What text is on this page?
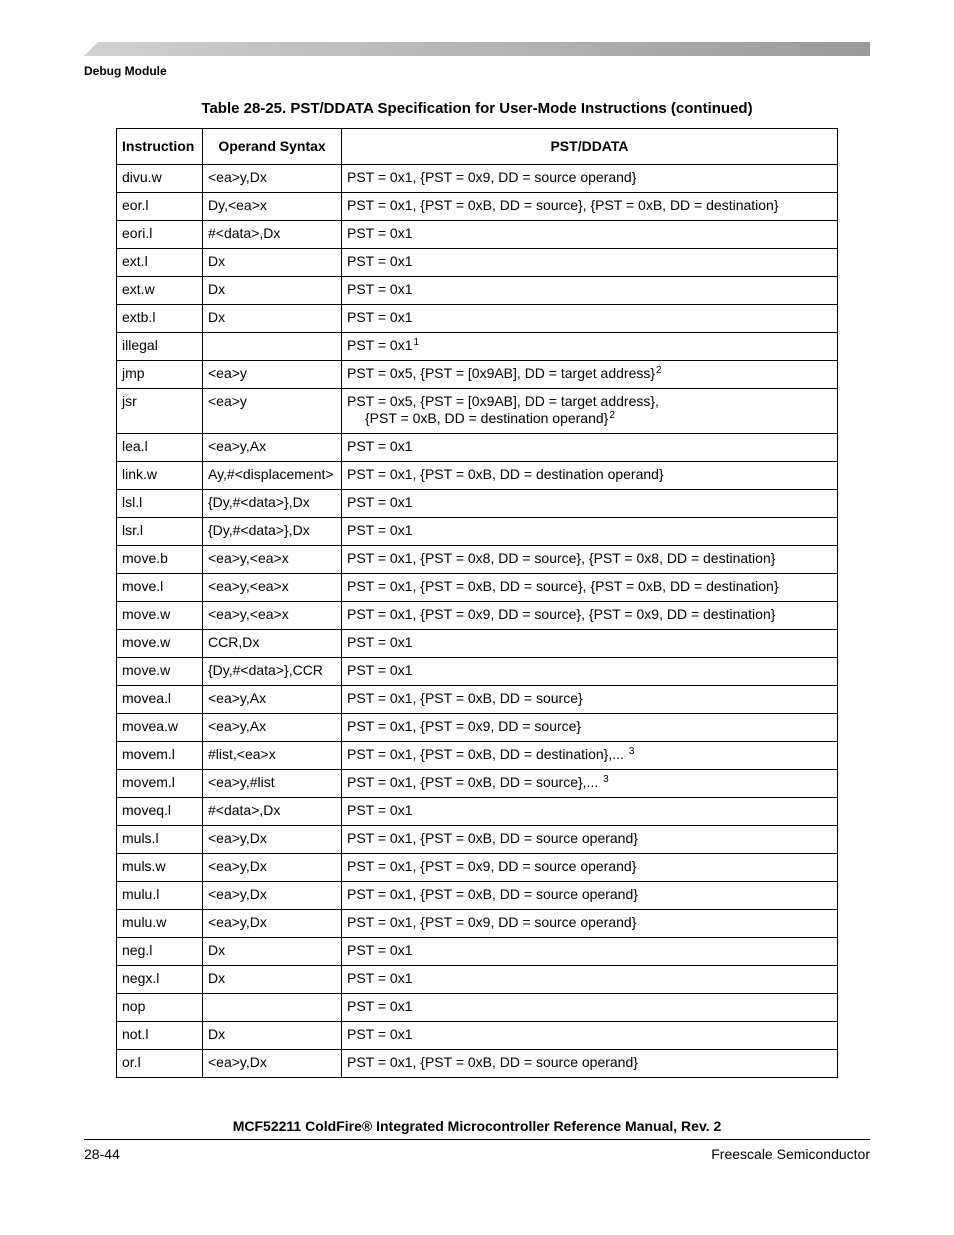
Debug Module
Table 28-25. PST/DDATA Specification for User-Mode Instructions (continued)
Instruction	Operand Syntax	PST/DDATA
divu.w	<ea>y,Dx	PST = 0x1, {PST = 0x9, DD = source operand}
eor.l	Dy,<ea>x	PST = 0x1, {PST = 0xB, DD = source}, {PST = 0xB, DD = destination}
eori.l	#<data>,Dx	PST = 0x1
ext.l	Dx	PST = 0x1
ext.w	Dx	PST = 0x1
extb.l	Dx	PST = 0x1
illegal		PST = $0x1^1$
jmp	<ea>y	PST = 0x5, {PST = [0x9AB], DD = target address}$^2$
jsr	<ea>y	PST = 0x5, {PST = [0x9AB], DD = target address},
{PST = 0xB, DD = destination operand}$^2$

lea.l	<ea>y,Ax	PST = 0x1
link.w	Ay,#<displacement>	PST = 0x1, {PST = 0xB, DD = destination operand}
lsl.l	{Dy,#<data>},Dx	PST = 0x1
lsr.l	{Dy,#<data>},Dx	PST = 0x1
move.b	<ea>y,<ea>x	PST = 0x1, {PST = 0x8, DD = source}, {PST = 0x8, DD = destination}
move.l	<ea>y,<ea>x	PST = 0x1, {PST = 0xB, DD = source}, {PST = 0xB, DD = destination}
move.w	<ea>y,<ea>x	PST = 0x1, {PST = 0x9, DD = source}, {PST = 0x9, DD = destination}
move.w	CCR,Dx	PST = 0x1
move.w	{Dy,#<data>},CCR	PST = 0x1
movea.l	<ea>y,Ax	PST = 0x1, {PST = 0xB, DD = source}
movea.w	<ea>y,Ax	PST = 0x1, {PST = 0x9, DD = source}
movem.l	#list,<ea>x	PST = 0x1, {PST = 0xB, DD = destination},... $^3$
movem.l	<ea>y,#list	PST = 0x1, {PST = 0xB, DD = source},... $^3$
moveq.l	#<data>,Dx	PST = 0x1
muls.l	<ea>y,Dx	PST = 0x1, {PST = 0xB, DD = source operand}
muls.w	<ea>y,Dx	PST = 0x1, {PST = 0x9, DD = source operand}
mulu.l	<ea>y,Dx	PST = 0x1, {PST = 0xB, DD = source operand}
mulu.w	<ea>y,Dx	PST = 0x1, {PST = 0x9, DD = source operand}
neg.l	Dx	PST = 0x1
negx.l	Dx	PST = 0x1
nop		PST = 0x1
not.l	Dx	PST = 0x1
or.l	<ea>y,Dx	PST = 0x1, {PST = 0xB, DD = source operand}
MCF52211 ColdFire® Integrated Microcontroller Reference Manual, Rev. 2
28-44	Freescale Semiconductor
